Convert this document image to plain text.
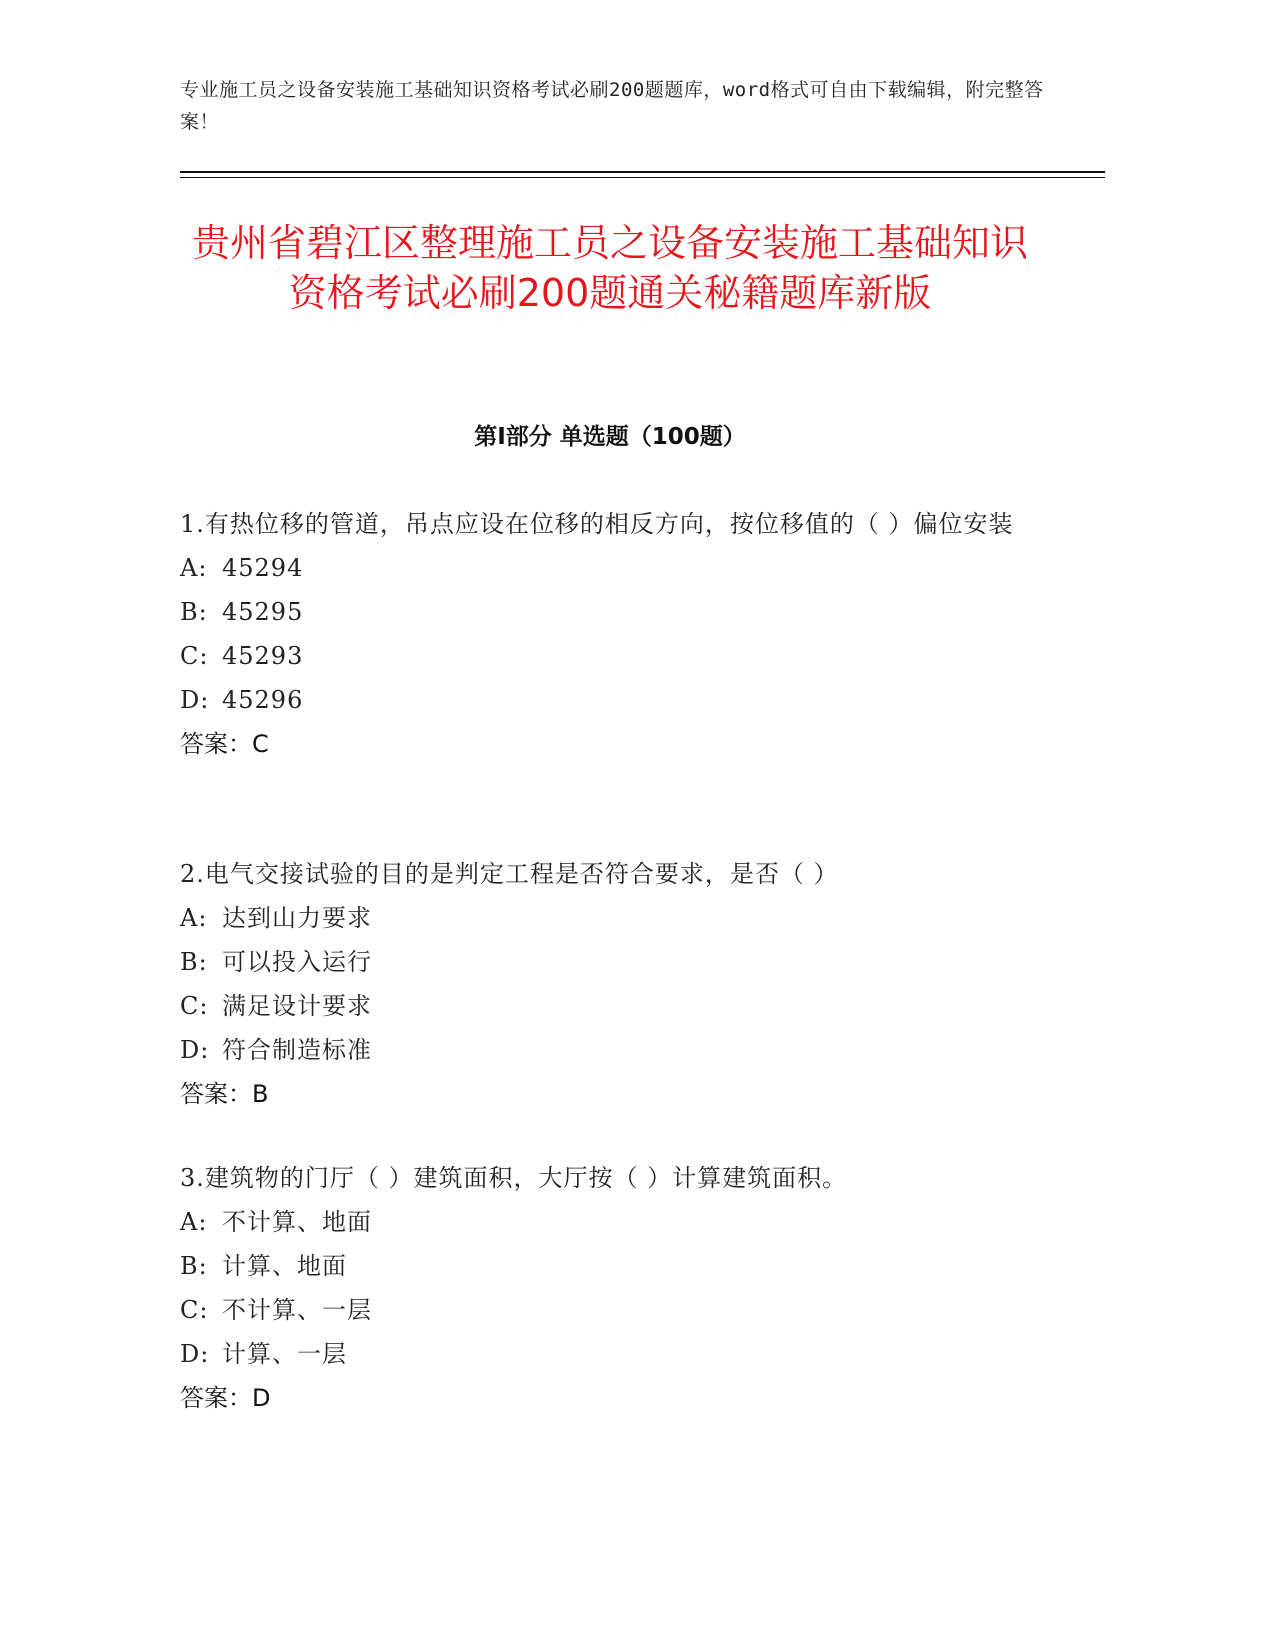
专业施工员之设备安装施工基础知识资格考试必刷200题题库，word格式可自由下载编辑，附完整答案！
贵州省碧江区整理施工员之设备安装施工基础知识资格考试必刷200题通关秘籍题库新版
第Ⅰ部分 单选题（100题）
1.有热位移的管道，吊点应设在位移的相反方向，按位移值的（ ）偏位安装
A: 45294
B: 45295
C: 45293
D: 45296
答案：C
2.电气交接试验的目的是判定工程是否符合要求，是否（ ）
A: 达到山力要求
B: 可以投入运行
C: 满足设计要求
D: 符合制造标准
答案：B
3.建筑物的门厅（ ）建筑面积，大厅按（ ）计算建筑面积。
A: 不计算、地面
B: 计算、地面
C: 不计算、一层
D: 计算、一层
答案：D
